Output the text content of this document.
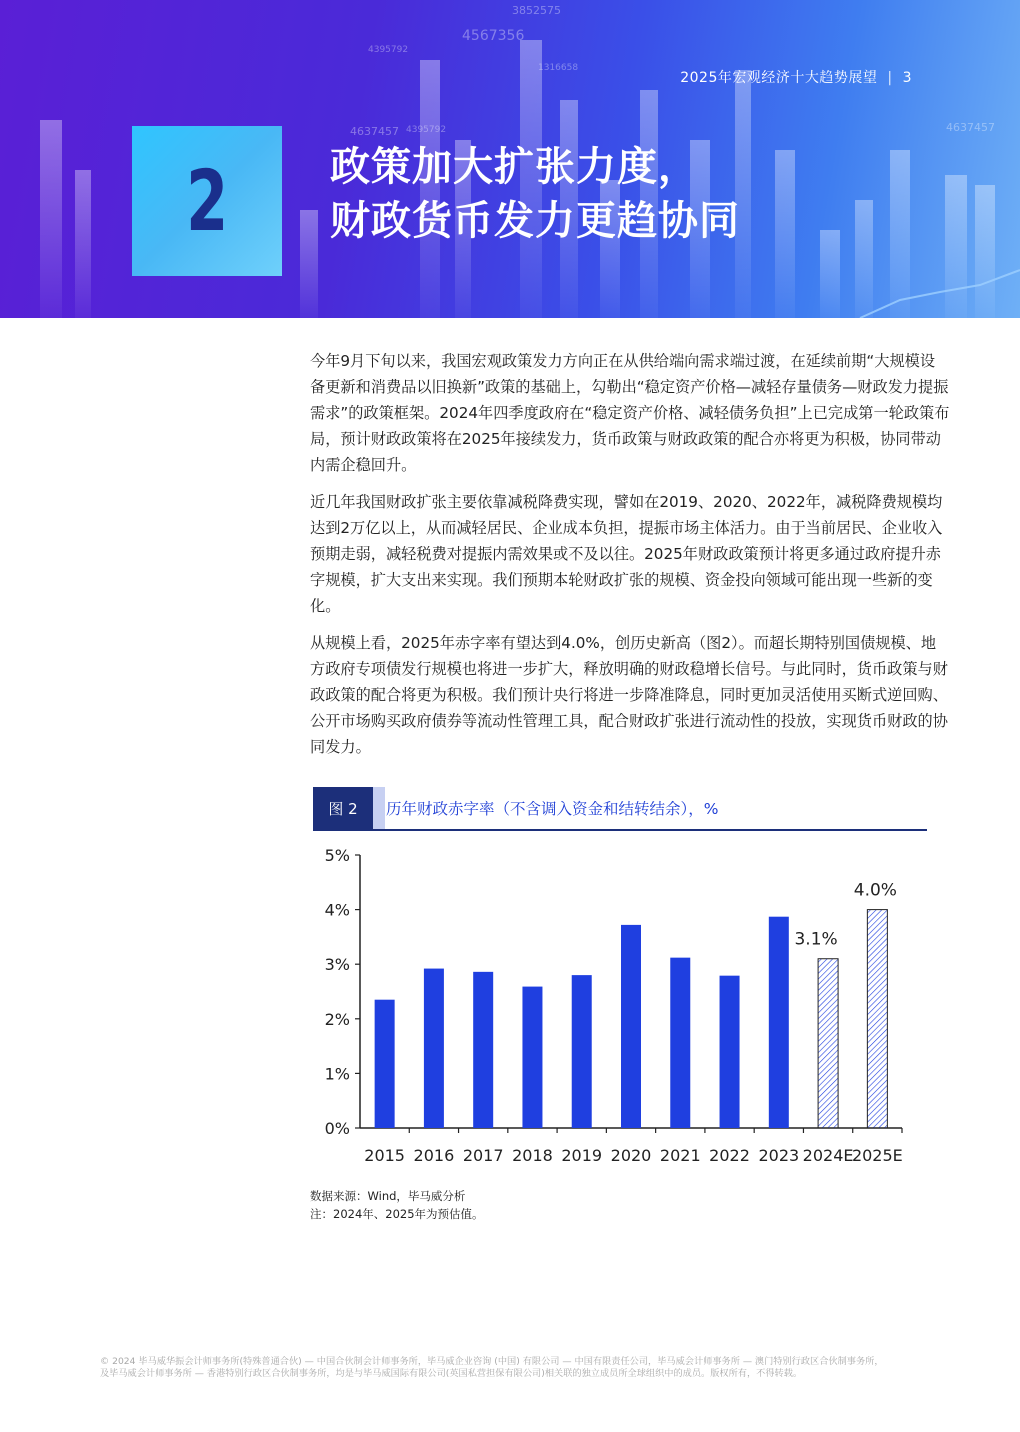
4567356
3852575
4395792
4637457 4395792	4637457
1316658
2025年宏观经济十大趋势展望 | 3
2	政策加大扩张力度，
财政货币发力更趋协同

今年9月下旬以来，我国宏观政策发力方向正在从供给端向需求端过渡，在延续前期“大规模设备更新和消费品以旧换新”政策的基础上，勾勒出“稳定资产价格—减轻存量债务—财政发力提振需求”的政策框架。2024年四季度政府在“稳定资产价格、减轻债务负担”上已完成第一轮政策布局，预计财政政策将在2025年接续发力，货币政策与财政政策的配合亦将更为积极，协同带动内需企稳回升。

近几年我国财政扩张主要依靠减税降费实现，譬如在2019、2020、2022年，减税降费规模均达到2万亿以上，从而减轻居民、企业成本负担，提振市场主体活力。由于当前居民、企业收入预期走弱，减轻税费对提振内需效果或不及以往。2025年财政政策预计将更多通过政府提升赤字规模，扩大支出来实现。我们预期本轮财政扩张的规模、资金投向领域可能出现一些新的变化。

从规模上看，2025年赤字率有望达到4.0%，创历史新高（图2）。而超长期特别国债规模、地方政府专项债发行规模也将进一步扩大，释放明确的财政稳增长信号。与此同时，货币政策与财政政策的配合将更为积极。我们预计央行将进一步降准降息，同时更加灵活使用买断式逆回购、公开市场购买政府债券等流动性管理工具，配合财政扩张进行流动性的投放，实现货币财政的协同发力。

图 2	历年财政赤字率（不含调入资金和结转结余），%
0%
1%
2%
3%
4%
5%
2015 2016 2017 2018 2019 2020 2021 2022 2023 2024E
3.1%
2025E
4.0%
数据来源：Wind，毕马威分析
注：2024年、2025年为预估值。
© 2024 毕马威华振会计师事务所(特殊普通合伙) — 中国合伙制会计师事务所，毕马威企业咨询 (中国) 有限公司 — 中国有限责任公司，毕马威会计师事务所 — 澳门特别行政区合伙制事务所，
及毕马威会计师事务所 — 香港特别行政区合伙制事务所，均是与毕马威国际有限公司(英国私营担保有限公司)相关联的独立成员所全球组织中的成员。版权所有，不得转载。
